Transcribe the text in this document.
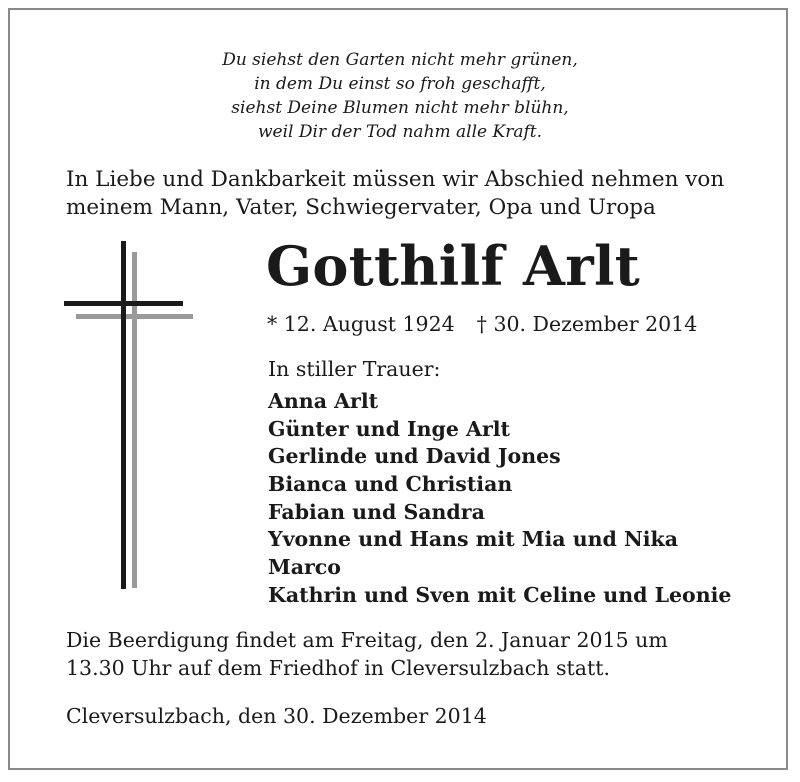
Du siehst den Garten nicht mehr grünen,
in dem Du einst so froh geschafft,
siehst Deine Blumen nicht mehr blühn,
weil Dir der Tod nahm alle Kraft.
In Liebe und Dankbarkeit müssen wir Abschied nehmen von
meinem Mann, Vater, Schwiegervater, Opa und Uropa
Gotthilf Arlt
* 12. August 1924 † 30. Dezember 2014
In stiller Trauer:
Anna Arlt
Günter und Inge Arlt
Gerlinde und David Jones
Bianca und Christian
Fabian und Sandra
Yvonne und Hans mit Mia und Nika
Marco
Kathrin und Sven mit Celine und Leonie
Die Beerdigung findet am Freitag, den 2. Januar 2015 um
13.30 Uhr auf dem Friedhof in Cleversulzbach statt.
Cleversulzbach, den 30. Dezember 2014
